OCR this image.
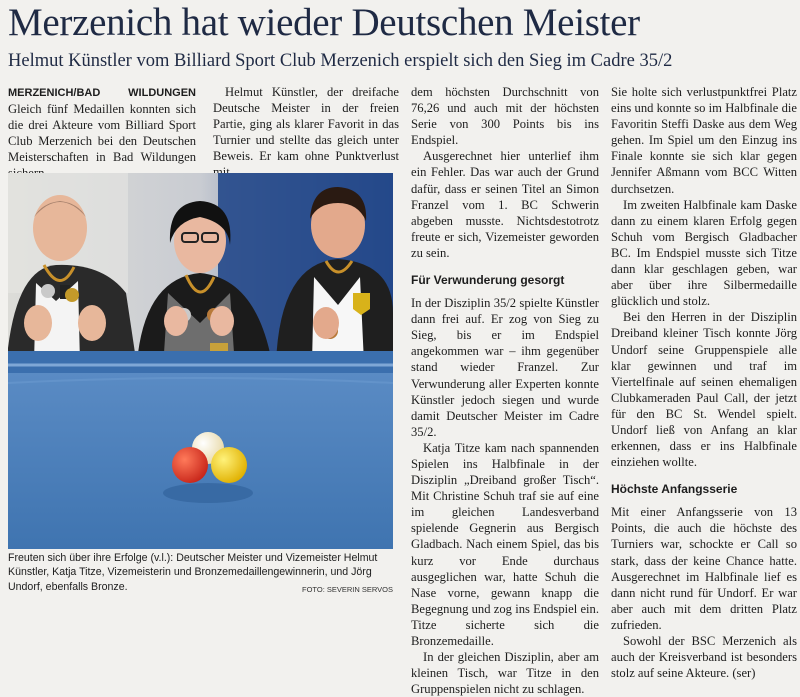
Merzenich hat wieder Deutschen Meister
Helmut Künstler vom Billiard Sport Club Merzenich erspielt sich den Sieg im Cadre 35/2

MERZENICH/BAD WILDUNGEN Gleich fünf Medaillen konnten sich die drei Akteure vom Billiard Sport Club Merzenich bei den Deutschen Meisterschaften in Bad Wildungen

Helmut Künstler, der dreifache Deutsche Meister in der freien Partie, ging als klarer Favorit in das Turnier und stellte das gleich unter Beweis. Er kam ohne Punktverlust

dem höchsten Durchschnitt von 76,26 und auch mit der höchsten Serie von 300 Points bis ins Endspiel.

Ausgerechnet hier unterlief ihm ein Fehler. Das war auch der Grund dafür, dass er seinen Titel an Simon Franzel vom 1. BC Schwerin abgeben musste. Nichtsdestotrotz freute er sich, Vizemeister geworden zu sein.

Für Verwunderung gesorgt

In der Disziplin 35/2 spielte Künstler dann frei auf. Er zog von Sieg zu Sieg, bis er im Endspiel angekommen war – ihm gegenüber stand wieder Franzel. Zur Verwunderung aller Experten konnte Künstler jedoch siegen und wurde damit Deutscher Meister im Cadre 35/2.

Katja Titze kam nach spannenden Spielen ins Halbfinale in der Disziplin „Dreiband großer Tisch“. Mit Christine Schuh traf sie auf eine im gleichen Landesverband spielende Gegnerin aus Bergisch Gladbach. Nach einem Spiel, das bis kurz vor Ende durchaus ausgeglichen war, hatte Schuh die Nase vorne, gewann knapp die Begegnung und zog ins Endspiel ein. Titze sicherte sich die Bronzemedaille.

In der gleichen Disziplin, aber am kleinen Tisch, war Titze in den Gruppenspielen nicht zu schlagen.

Sie holte sich verlustpunktfrei Platz eins und konnte so im Halbfinale die Favoritin Steffi Daske aus dem Weg gehen. Im Spiel um den Einzug ins Finale konnte sie sich klar gegen Jennifer Aßmann vom BCC Witten durchsetzen.

Im zweiten Halbfinale kam Daske dann zu einem klaren Erfolg gegen Schuh vom Bergisch Gladbacher BC. Im Endspiel musste sich Titze dann klar geschlagen geben, war aber über ihre Silbermedaille glücklich und stolz.

Bei den Herren in der Disziplin Dreiband kleiner Tisch konnte Jörg Undorf seine Gruppenspiele alle klar gewinnen und traf im Viertelfinale auf seinen ehemaligen Clubkameraden Paul Call, der jetzt für den BC St. Wendel spielt. Undorf ließ von Anfang an klar erkennen, dass er ins Halbfinale einziehen wollte.

Höchste Anfangsserie

Mit einer Anfangsserie von 13 Points, die auch die höchste des Turniers war, schockte er Call so stark, dass der keine Chance hatte. Ausgerechnet im Halbfinale lief es dann nicht rund für Undorf. Er war aber auch mit dem dritten Platz zufrieden.

Sowohl der BSC Merzenich als auch der Kreisverband ist besonders stolz auf seine Akteure. (ser)

Freuten sich über ihre Erfolge (v.l.): Deutscher Meister und Vizemeister Helmut Künstler, Katja Titze, Vizemeisterin und Bronzemedaillengewinnerin, und Jörg Undorf, ebenfalls Bronze.	FOTO: SEVERIN SERVOS
